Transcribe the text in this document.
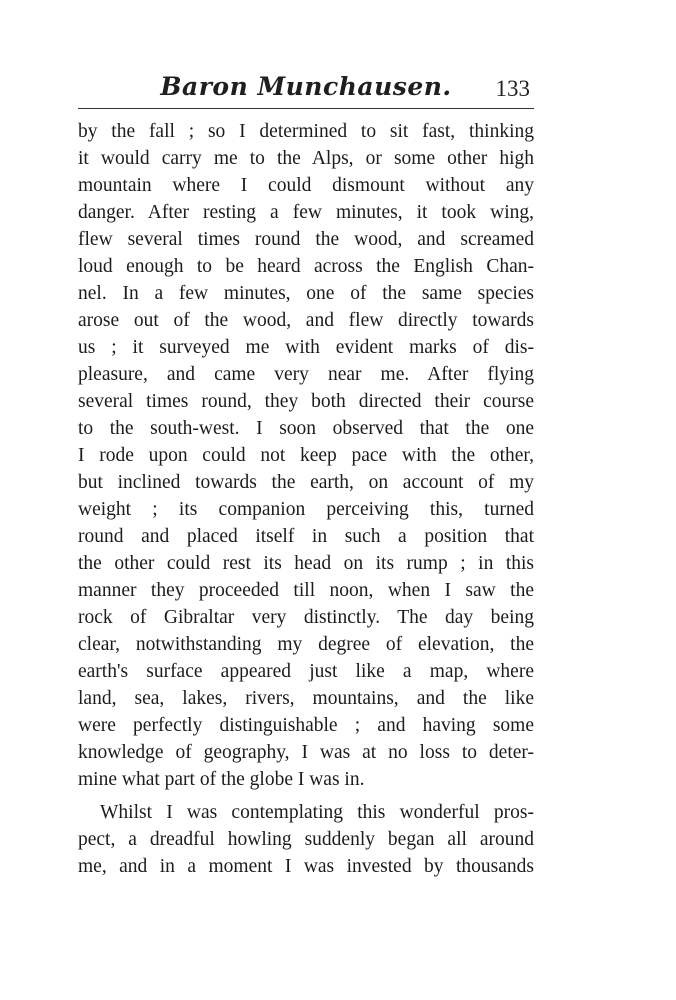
Baron Munchausen.	133
by the fall ; so I determined to sit fast, thinking
it would carry me to the Alps, or some other high
mountain where I could dismount without any
danger. After resting a few minutes, it took wing,
flew several times round the wood, and screamed
loud enough to be heard across the English Chan-
nel. In a few minutes, one of the same species
arose out of the wood, and flew directly towards
us ; it surveyed me with evident marks of dis-
pleasure, and came very near me. After flying
several times round, they both directed their course
to the south-west. I soon observed that the one
I rode upon could not keep pace with the other,
but inclined towards the earth, on account of my
weight ; its companion perceiving this, turned
round and placed itself in such a position that
the other could rest its head on its rump ; in this
manner they proceeded till noon, when I saw the
rock of Gibraltar very distinctly. The day being
clear, notwithstanding my degree of elevation, the
earth's surface appeared just like a map, where
land, sea, lakes, rivers, mountains, and the like
were perfectly distinguishable ; and having some
knowledge of geography, I was at no loss to deter-
mine what part of the globe I was in.
Whilst I was contemplating this wonderful pros-
pect, a dreadful howling suddenly began all around
me, and in a moment I was invested by thousands
